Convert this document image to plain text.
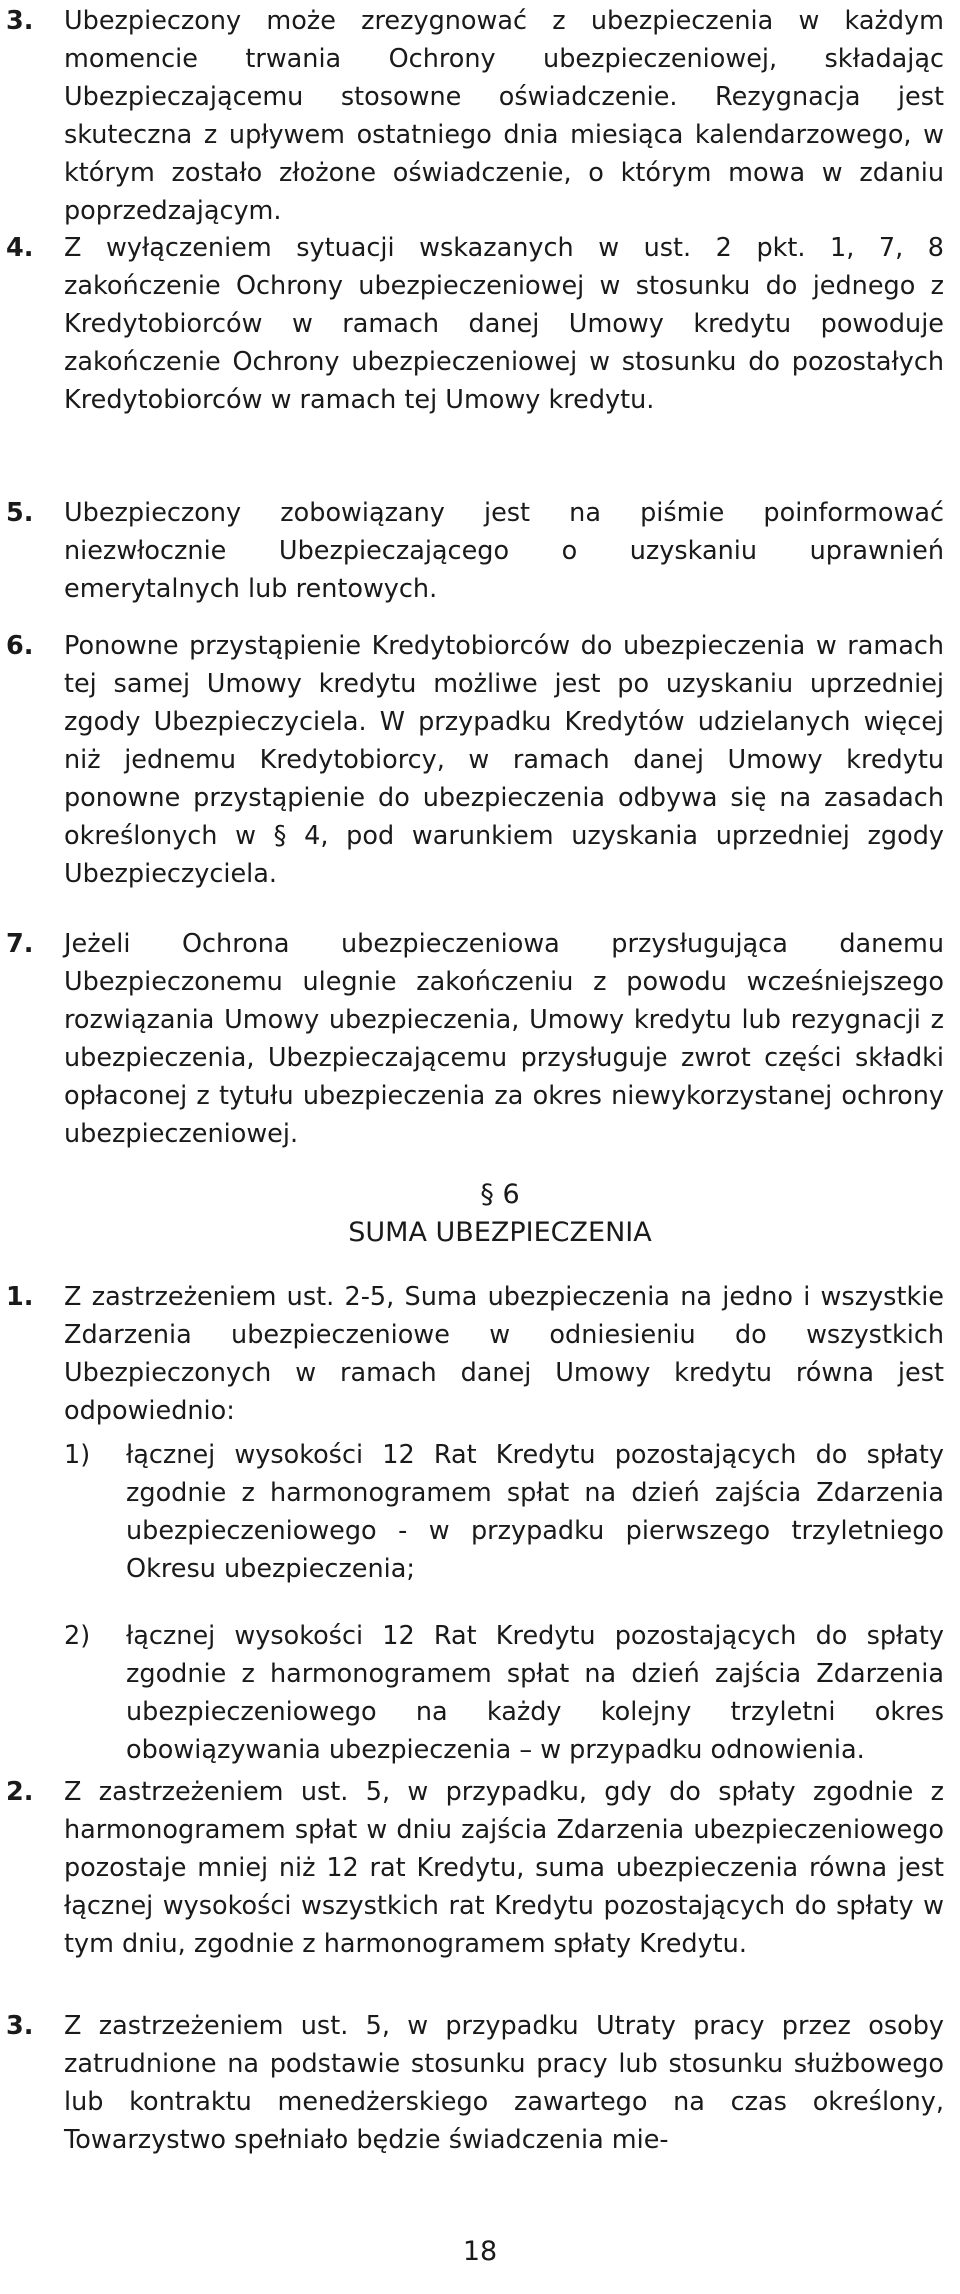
3. Ubezpieczony może zrezygnować z ubezpieczenia w każdym momencie trwania Ochrony ubezpieczeniowej, składając Ubezpieczającemu stosowne oświadczenie. Rezygnacja jest skuteczna z upływem ostatniego dnia miesiąca kalendarzowego, w którym zostało złożone oświadczenie, o którym mowa w zdaniu poprzedzającym.
4. Z wyłączeniem sytuacji wskazanych w ust. 2 pkt. 1, 7, 8 zakończenie Ochrony ubezpieczeniowej w stosunku do jednego z Kredytobiorców w ramach danej Umowy kredytu powoduje zakończenie Ochrony ubezpieczeniowej w stosunku do pozostałych Kredytobiorców w ramach tej Umowy kredytu.
5. Ubezpieczony zobowiązany jest na piśmie poinformować niezwłocznie Ubezpieczającego o uzyskaniu uprawnień emerytalnych lub rentowych.
6. Ponowne przystąpienie Kredytobiorców do ubezpieczenia w ramach tej samej Umowy kredytu możliwe jest po uzyskaniu uprzedniej zgody Ubezpieczyciela. W przypadku Kredytów udzielanych więcej niż jednemu Kredytobiorcy, w ramach danej Umowy kredytu ponowne przystąpienie do ubezpieczenia odbywa się na zasadach określonych w § 4, pod warunkiem uzyskania uprzedniej zgody Ubezpieczyciela.
7. Jeżeli Ochrona ubezpieczeniowa przysługująca danemu Ubezpieczonemu ulegnie zakończeniu z powodu wcześniejszego rozwiązania Umowy ubezpieczenia, Umowy kredytu lub rezygnacji z ubezpieczenia, Ubezpieczającemu przysługuje zwrot części składki opłaconej z tytułu ubezpieczenia za okres niewykorzystanej ochrony ubezpieczeniowej.
§ 6
SUMA UBEZPIECZENIA
1. Z zastrzeżeniem ust. 2-5, Suma ubezpieczenia na jedno i wszystkie Zdarzenia ubezpieczeniowe w odniesieniu do wszystkich Ubezpieczonych w ramach danej Umowy kredytu równa jest odpowiednio:
1) łącznej wysokości 12 Rat Kredytu pozostających do spłaty zgodnie z harmonogramem spłat na dzień zajścia Zdarzenia ubezpieczeniowego - w przypadku pierwszego trzyletniego Okresu ubezpieczenia;
2) łącznej wysokości 12 Rat Kredytu pozostających do spłaty zgodnie z harmonogramem spłat na dzień zajścia Zdarzenia ubezpieczeniowego na każdy kolejny trzyletni okres obowiązywania ubezpieczenia – w przypadku odnowienia.
2. Z zastrzeżeniem ust. 5, w przypadku, gdy do spłaty zgodnie z harmonogramem spłat w dniu zajścia Zdarzenia ubezpieczeniowego pozostaje mniej niż 12 rat Kredytu, suma ubezpieczenia równa jest łącznej wysokości wszystkich rat Kredytu pozostających do spłaty w tym dniu, zgodnie z harmonogramem spłaty Kredytu.
3. Z zastrzeżeniem ust. 5, w przypadku Utraty pracy przez osoby zatrudnione na podstawie stosunku pracy lub stosunku służbowego lub kontraktu menedżerskiego zawartego na czas określony, Towarzystwo spełniało będzie świadczenia mie-
18
